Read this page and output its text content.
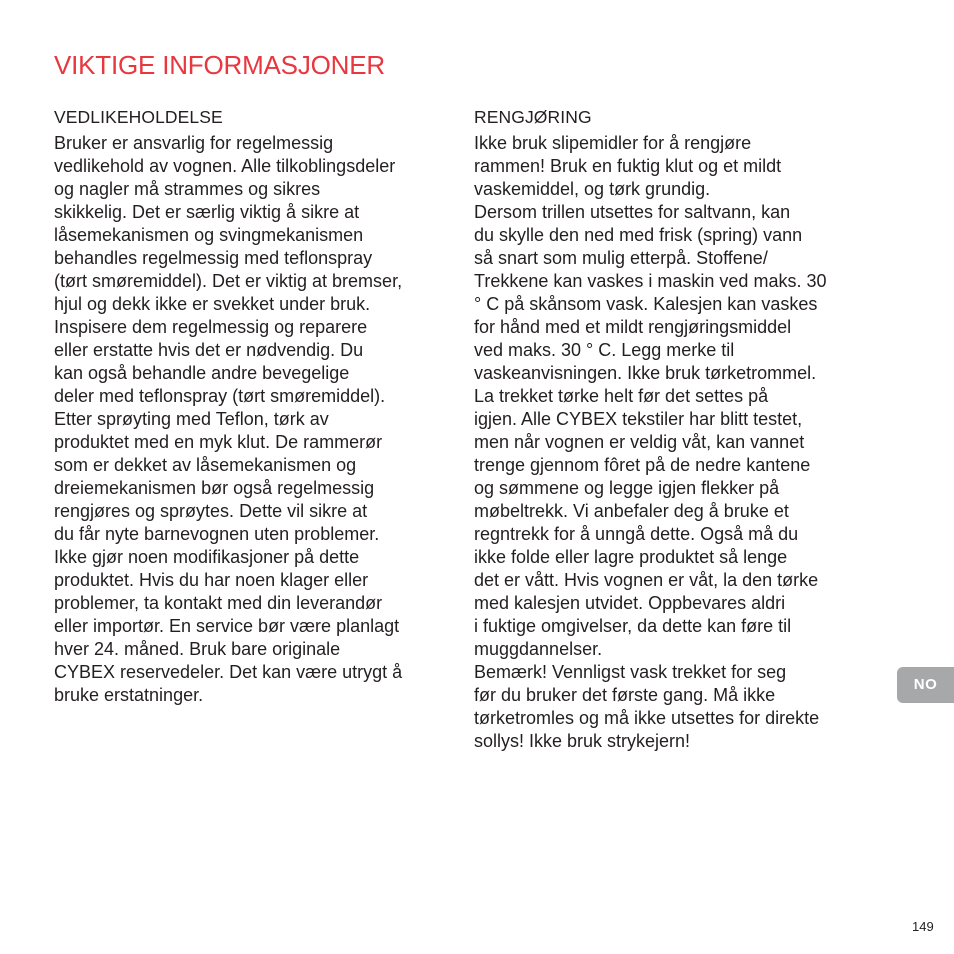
VIKTIGE INFORMASJONER
VEDLIKEHOLDELSE
Bruker er ansvarlig for regelmessig
vedlikehold av vognen. Alle tilkoblingsdeler
og nagler må strammes og sikres
skikkelig. Det er særlig viktig å sikre at
låsemekanismen og svingmekanismen
behandles regelmessig med teflonspray
(tørt smøremiddel). Det er viktig at bremser,
hjul og dekk ikke er svekket under bruk.
Inspisere dem regelmessig og reparere
eller erstatte hvis det er nødvendig. Du
kan også behandle andre bevegelige
deler med teflonspray (tørt smøremiddel).
Etter sprøyting med Teflon, tørk av
produktet med en myk klut. De rammerør
som er dekket av låsemekanismen og
dreiemekanismen bør også regelmessig
rengjøres og sprøytes. Dette vil sikre at
du får nyte barnevognen uten problemer.
Ikke gjør noen modifikasjoner på dette
produktet. Hvis du har noen klager eller
problemer, ta kontakt med din leverandør
eller importør. En service bør være planlagt
hver 24. måned. Bruk bare originale
CYBEX reservedeler. Det kan være utrygt å
bruke erstatninger.
RENGJØRING
Ikke bruk slipemidler for å rengjøre
rammen! Bruk en fuktig klut og et mildt
vaskemiddel, og tørk grundig.
Dersom trillen utsettes for saltvann, kan
du skylle den ned med frisk (spring) vann
så snart som mulig etterpå. Stoffene/
Trekkene kan vaskes i maskin ved maks. 30
° C på skånsom vask. Kalesjen kan vaskes
for hånd med et mildt rengjøringsmiddel
ved maks. 30 ° C. Legg merke til
vaskeanvisningen. Ikke bruk tørketrommel.
La trekket tørke helt før det settes på
igjen. Alle CYBEX tekstiler har blitt testet,
men når vognen er veldig våt, kan vannet
trenge gjennom fôret på de nedre kantene
og sømmene og legge igjen flekker på
møbeltrekk. Vi anbefaler deg å bruke et
regntrekk for å unngå dette. Også må du
ikke folde eller lagre produktet så lenge
det er vått. Hvis vognen er våt, la den tørke
med kalesjen utvidet. Oppbevares aldri
i fuktige omgivelser, da dette kan føre til
muggdannelser.
Bemærk! Vennligst vask trekket for seg
før du bruker det første gang. Må ikke
tørketromles og må ikke utsettes for direkte
sollys! Ikke bruk strykejern!
NO
149
